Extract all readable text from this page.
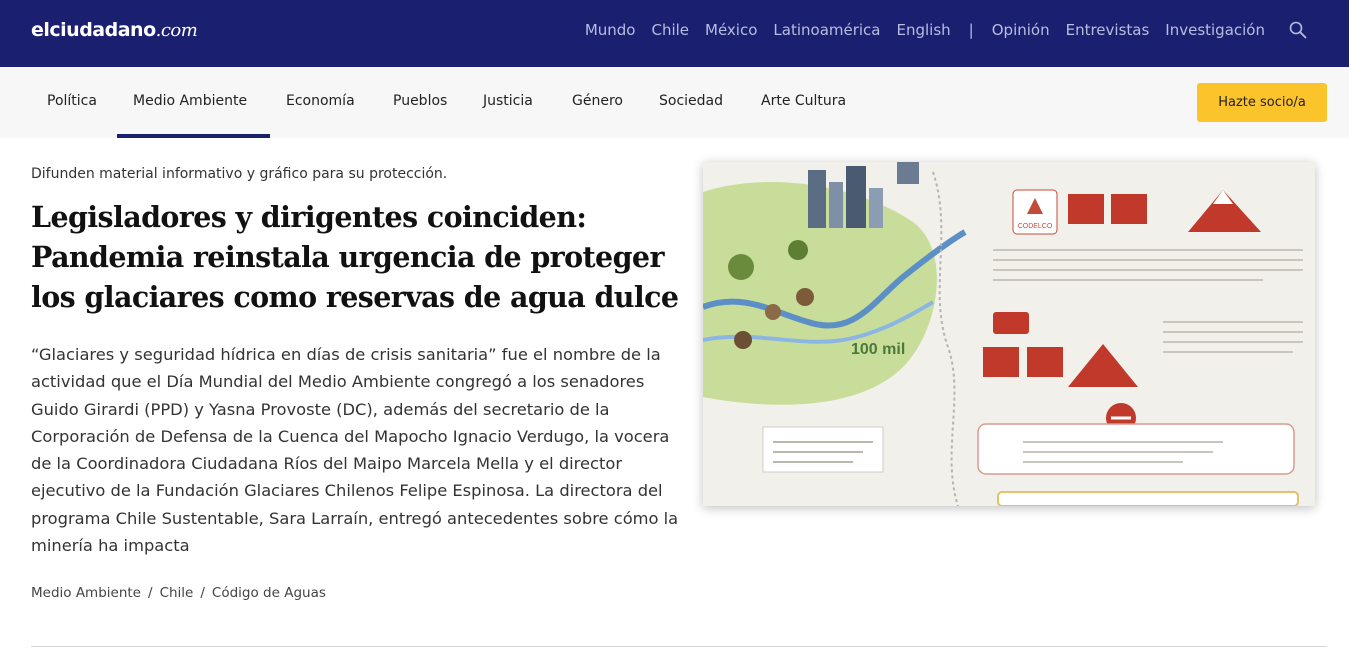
elciudadano.com	Mundo Chile México Latinoamérica English | Opinión Entrevistas Investigación
Política	Medio Ambiente	Economía	Pueblos	Justicia	Género	Sociedad	Arte Cultura	Hazte socio/a
Difunden material informativo y gráfico para su protección.
Legisladores y dirigentes coinciden: Pandemia reinstala urgencia de proteger los glaciares como reservas de agua dulce

“Glaciares y seguridad hídrica en días de crisis sanitaria” fue el nombre de la actividad que el Día Mundial del Medio Ambiente congregó a los senadores Guido Girardi (PPD) y Yasna Provoste (DC), además del secretario de la Corporación de Defensa de la Cuenca del Mapocho Ignacio Verdugo, la vocera de la Coordinadora Ciudadana Ríos del Maipo Marcela Mella y el director ejecutivo de la Fundación Glaciares Chilenos Felipe Espinosa. La directora del programa Chile Sustentable, Sara Larraín, entregó antecedentes sobre cómo la minería ha impacta

Medio Ambiente / Chile / Código de Aguas
CODELCO
100 mil
